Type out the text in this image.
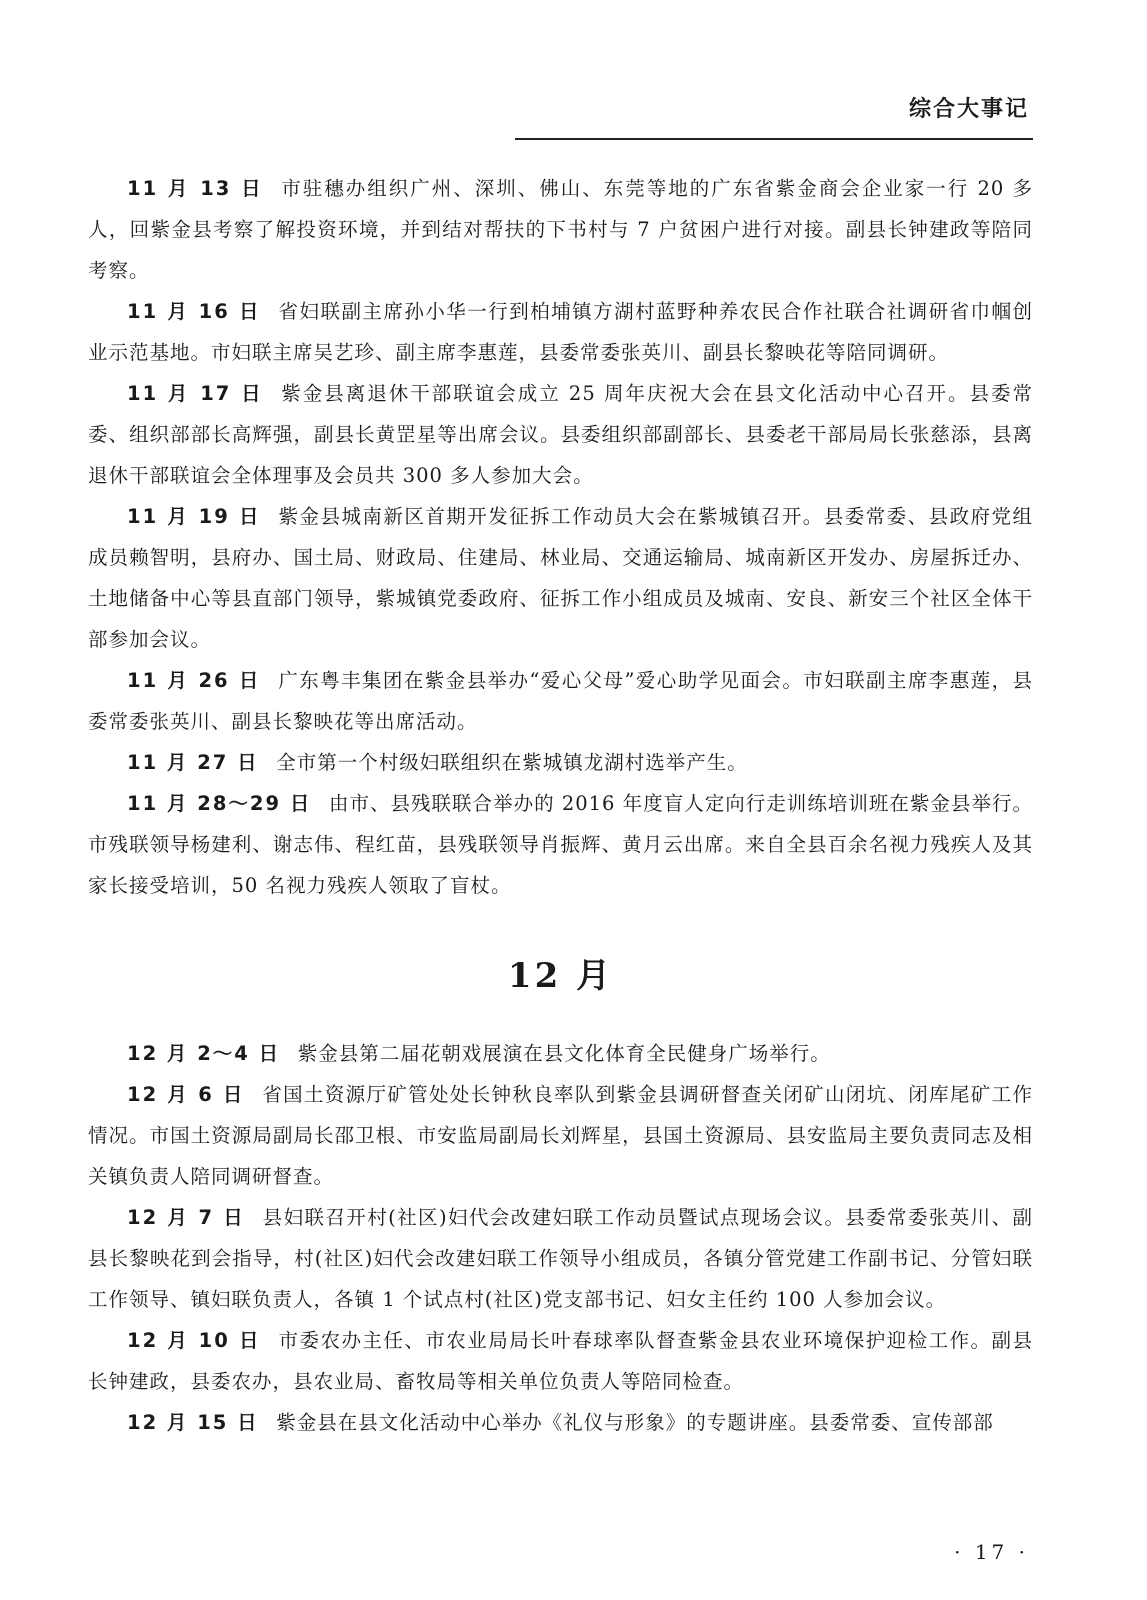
综合大事记

11 月 13 日 市驻穗办组织广州、深圳、佛山、东莞等地的广东省紫金商会企业家一行 20 多人，回紫金县考察了解投资环境，并到结对帮扶的下书村与 7 户贫困户进行对接。副县长钟建政等陪同考察。

11 月 16 日 省妇联副主席孙小华一行到柏埔镇方湖村蓝野种养农民合作社联合社调研省巾帼创业示范基地。市妇联主席吴艺珍、副主席李惠莲，县委常委张英川、副县长黎映花等陪同调研。

11 月 17 日 紫金县离退休干部联谊会成立 25 周年庆祝大会在县文化活动中心召开。县委常委、组织部部长高辉强，副县长黄罡星等出席会议。县委组织部副部长、县委老干部局局长张慈添，县离退休干部联谊会全体理事及会员共 300 多人参加大会。

11 月 19 日 紫金县城南新区首期开发征拆工作动员大会在紫城镇召开。县委常委、县政府党组成员赖智明，县府办、国土局、财政局、住建局、林业局、交通运输局、城南新区开发办、房屋拆迁办、土地储备中心等县直部门领导，紫城镇党委政府、征拆工作小组成员及城南、安良、新安三个社区全体干部参加会议。

11 月 26 日 广东粤丰集团在紫金县举办“爱心父母”爱心助学见面会。市妇联副主席李惠莲，县委常委张英川、副县长黎映花等出席活动。

11 月 27 日 全市第一个村级妇联组织在紫城镇龙湖村选举产生。

11 月 28～29 日 由市、县残联联合举办的 2016 年度盲人定向行走训练培训班在紫金县举行。市残联领导杨建利、谢志伟、程红苗，县残联领导肖振辉、黄月云出席。来自全县百余名视力残疾人及其家长接受培训，50 名视力残疾人领取了盲杖。

12 月

12 月 2～4 日 紫金县第二届花朝戏展演在县文化体育全民健身广场举行。

12 月 6 日 省国土资源厅矿管处处长钟秋良率队到紫金县调研督查关闭矿山闭坑、闭库尾矿工作情况。市国土资源局副局长邵卫根、市安监局副局长刘辉星，县国土资源局、县安监局主要负责同志及相关镇负责人陪同调研督查。

12 月 7 日 县妇联召开村(社区)妇代会改建妇联工作动员暨试点现场会议。县委常委张英川、副县长黎映花到会指导，村(社区)妇代会改建妇联工作领导小组成员，各镇分管党建工作副书记、分管妇联工作领导、镇妇联负责人，各镇 1 个试点村(社区)党支部书记、妇女主任约 100 人参加会议。

12 月 10 日 市委农办主任、市农业局局长叶春球率队督查紫金县农业环境保护迎检工作。副县长钟建政，县委农办，县农业局、畜牧局等相关单位负责人等陪同检查。

12 月 15 日 紫金县在县文化活动中心举办《礼仪与形象》的专题讲座。县委常委、宣传部部

· 17 ·
